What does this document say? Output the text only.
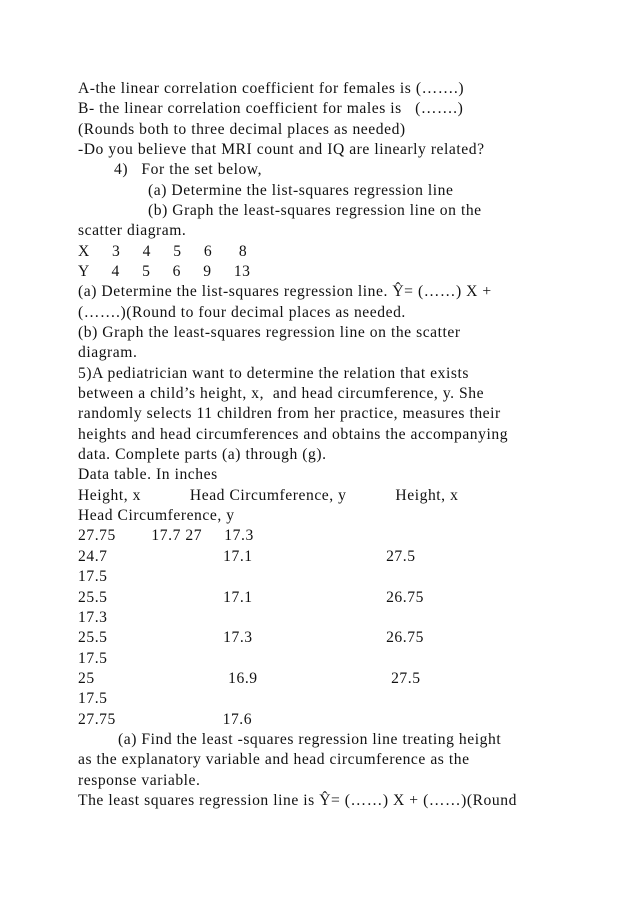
A-the linear correlation coefficient for females is (…….)
B- the linear correlation coefficient for males is   (…….)
(Rounds both to three decimal places as needed)
-Do you believe that MRI count and IQ are linearly related?
4)   For the set below,
(a) Determine the list-squares regression line
(b) Graph the least-squares regression line on the
scatter diagram.
X     3     4     5     6      8
Y     4     5     6     9     13
(a) Determine the list-squares regression line. Ŷ= (……) X +
(…….)(Round to four decimal places as needed.
(b) Graph the least-squares regression line on the scatter
diagram.
5)A pediatrician want to determine the relation that exists
between a child’s height, x,  and head circumference, y. She
randomly selects 11 children from her practice, measures their
heights and head circumferences and obtains the accompanying
data. Complete parts (a) through (g).
Data table. In inches
Height, x           Head Circumference, y           Height, x
Head Circumference, y
27.75        17.7 27     17.3
24.7                          17.1                              27.5
17.5
25.5                          17.1                              26.75
17.3
25.5                          17.3                              26.75
17.5
25                              16.9                              27.5
17.5
27.75                        17.6
(a) Find the least -squares regression line treating height
as the explanatory variable and head circumference as the
response variable.
The least squares regression line is Ŷ= (……) X + (……)(Round
